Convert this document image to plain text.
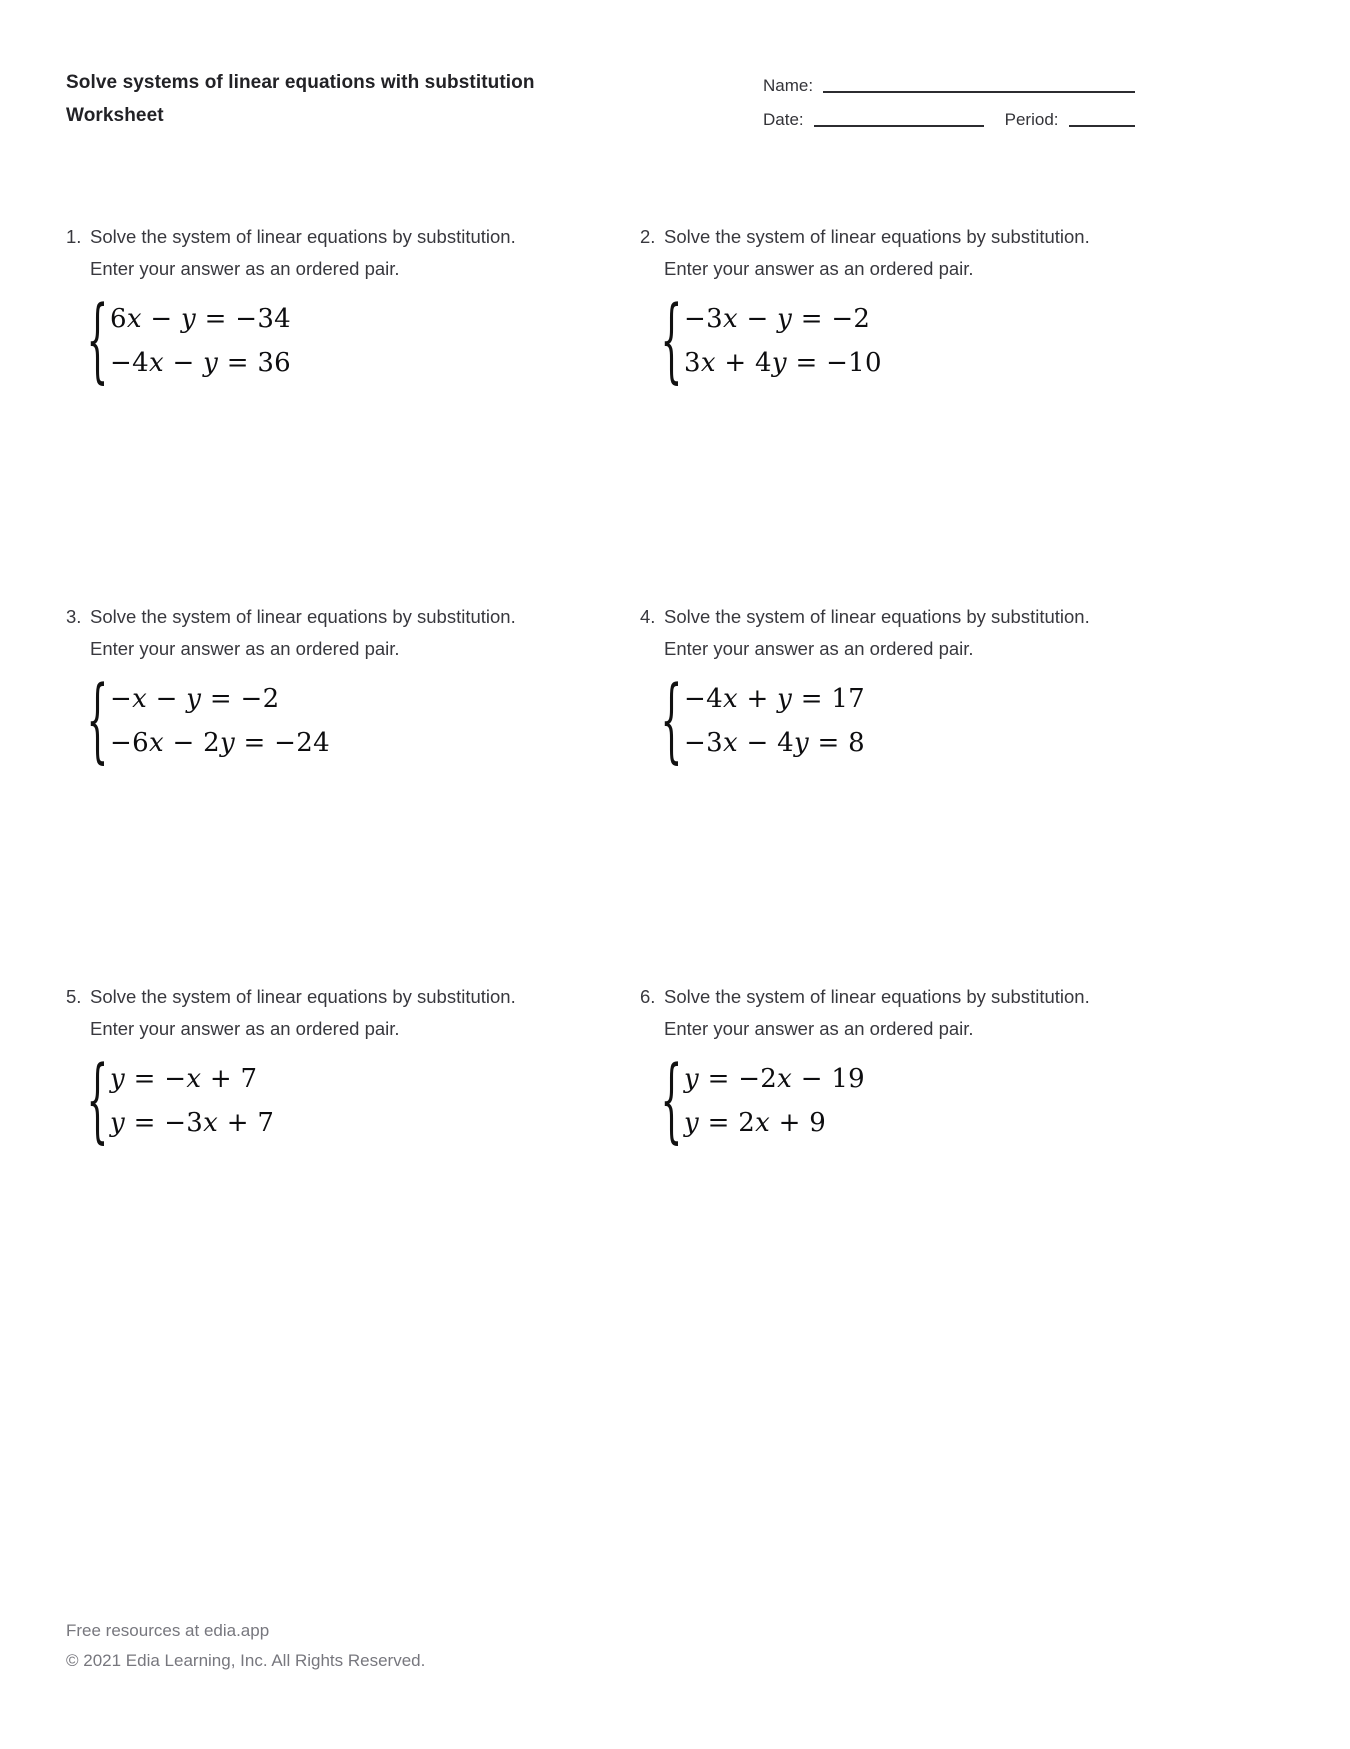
Solve systems of linear equations with substitution
Worksheet
Name:
Date:	Period:
1. Solve the system of linear equations by substitution. Enter your answer as an ordered pair.
{ 6x − y = −34
−4x − y = 36
2. Solve the system of linear equations by substitution. Enter your answer as an ordered pair.
{ −3x − y = −2
3x + 4y = −10
3. Solve the system of linear equations by substitution. Enter your answer as an ordered pair.
{ −x − y = −2
−6x − 2y = −24
4. Solve the system of linear equations by substitution. Enter your answer as an ordered pair.
{ −4x + y = 17
−3x − 4y = 8
5. Solve the system of linear equations by substitution. Enter your answer as an ordered pair.
{ y = −x + 7
y = −3x + 7
6. Solve the system of linear equations by substitution. Enter your answer as an ordered pair.
{ y = −2x − 19
y = 2x + 9
Free resources at edia.app
© 2021 Edia Learning, Inc. All Rights Reserved.
